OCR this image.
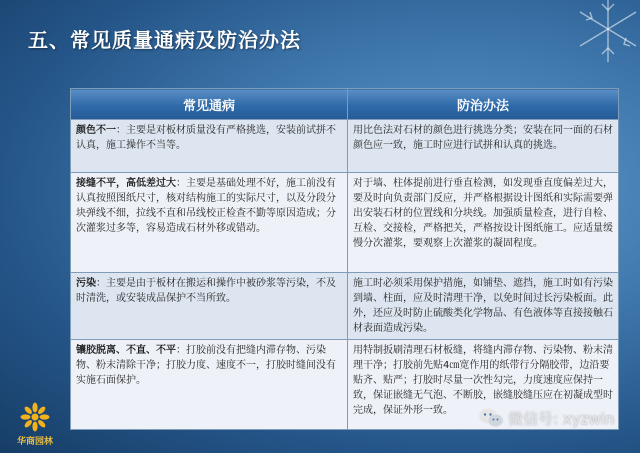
五、常见质量通病及防治办法
常见通病	防治办法
颜色不一：主要是对板材质量没有严格挑选，安装前试拼不认真，施工操作不当等。	用比色法对石材的颜色进行挑选分类；安装在同一面的石材颜色应一致，施工时应进行试拼和认真的挑选。
接缝不平，高低差过大：主要是基础处理不好，施工前没有认真按照图纸尺寸，核对结构施工的实际尺寸，以及分段分块弹线不细，拉线不直和吊线校正检查不勤等原因造成；分次灌浆过多等，容易造成石材外移或错动。	对于墙、柱体提前进行垂直检测，如发现垂直度偏差过大，要及时向负责部门反应，并严格根据设计图纸和实际需要弹出安装石材的位置线和分块线。加强质量检查，进行自检、互检、交接检，严格把关，严格按设计图纸施工。应适量缓慢分次灌浆，要观察上次灌浆的凝固程度。
污染：主要是由于板材在搬运和操作中被砂浆等污染，不及时清洗，或安装成品保护不当所致。	施工时必须采用保护措施，如铺垫、遮挡，施工时如有污染到墙、柱面，应及时清理干净，以免时间过长污染板面。此外，还应及时防止硫酸类化学物品、有色液体等直接接触石材表面造成污染。
镶胶脱离、不直、不平：打胶前没有把缝内滞存物、污染物、粉末清除干净；打胶力度、速度不一，打胶时缝间没有实施石面保护。	用特制扳刷清理石材板缝，将缝内滞存物、污染物、粉末清理干净；打胶前先贴4㎝宽作用的纸带行分隔胶带，边沿要贴齐、贴严；打胶时尽量一次性勾完，力度速度应保持一致，保证嵌缝无气泡、不断胶，嵌缝胶缝压应在初凝成型时完成，保证外形一致。
华商园林
微信号: xyzwin
